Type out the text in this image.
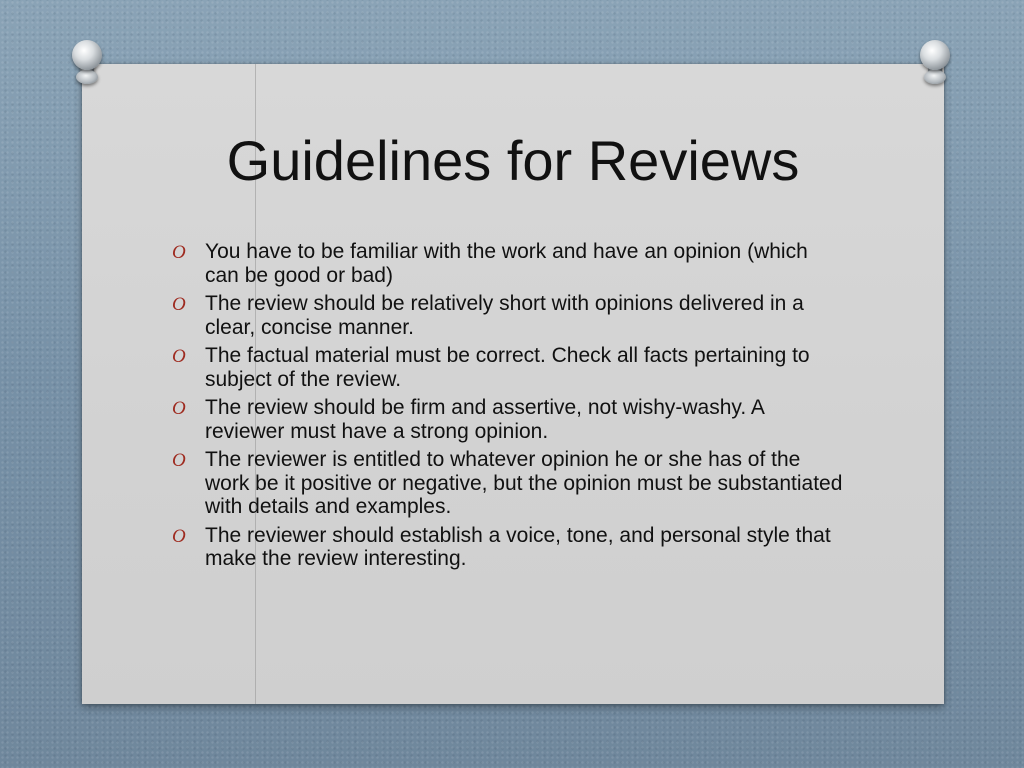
Guidelines for Reviews
O You have to be familiar with the work and have an opinion (which can be good or bad)
O The review should be relatively short with opinions delivered in a clear, concise manner.
O The factual material must be correct. Check all facts pertaining to subject of the review.
O The review should be firm and assertive, not wishy-washy. A reviewer must have a strong opinion.
O The reviewer is entitled to whatever opinion he or she has of the work be it positive or negative, but the opinion must be substantiated with details and examples.
O The reviewer should establish a voice, tone, and personal style that make the review interesting.
